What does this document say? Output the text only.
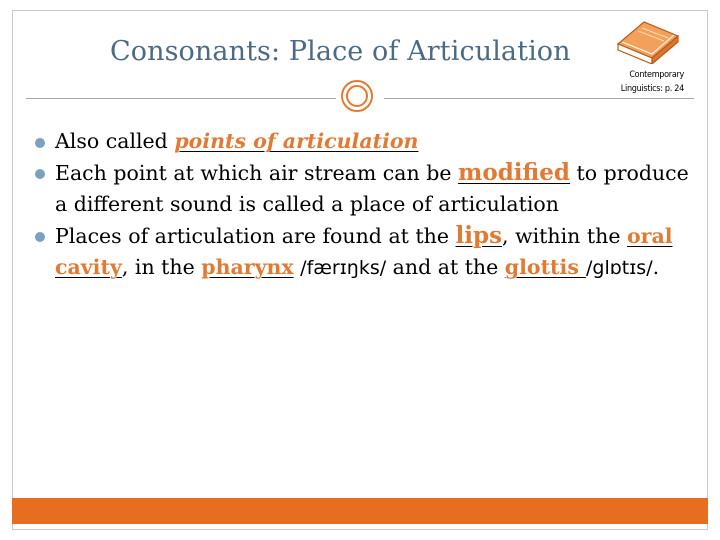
Consonants: Place of Articulation
Contemporary
Linguistics: p. 24
Also called points of articulation
Each point at which air stream can be modified to produce a different sound is called a place of articulation
Places of articulation are found at the lips, within the oral cavity, in the pharynx /færɪŋks/ and at the glottis /glɒtɪs/.
